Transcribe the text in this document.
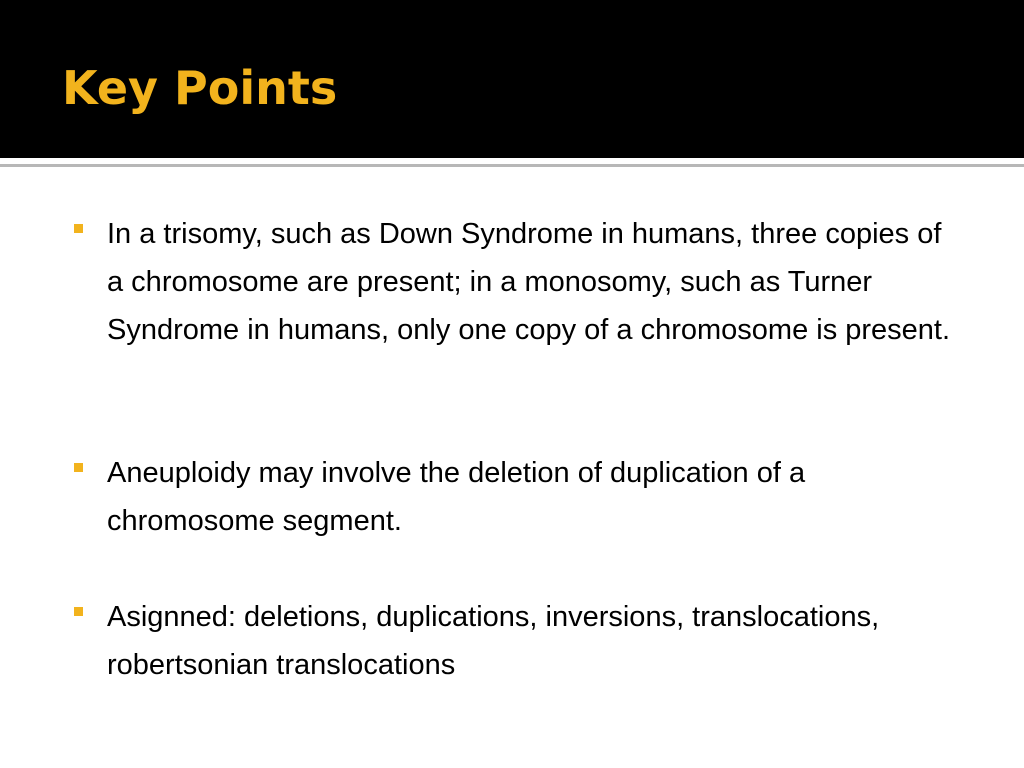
Key Points

In a trisomy, such as Down Syndrome in humans, three copies of a chromosome are present; in a monosomy, such as Turner Syndrome in humans, only one copy of a chromosome is present.

Aneuploidy may involve the deletion of duplication of a chromosome segment.

Asignned: deletions, duplications, inversions, translocations, robertsonian translocations
